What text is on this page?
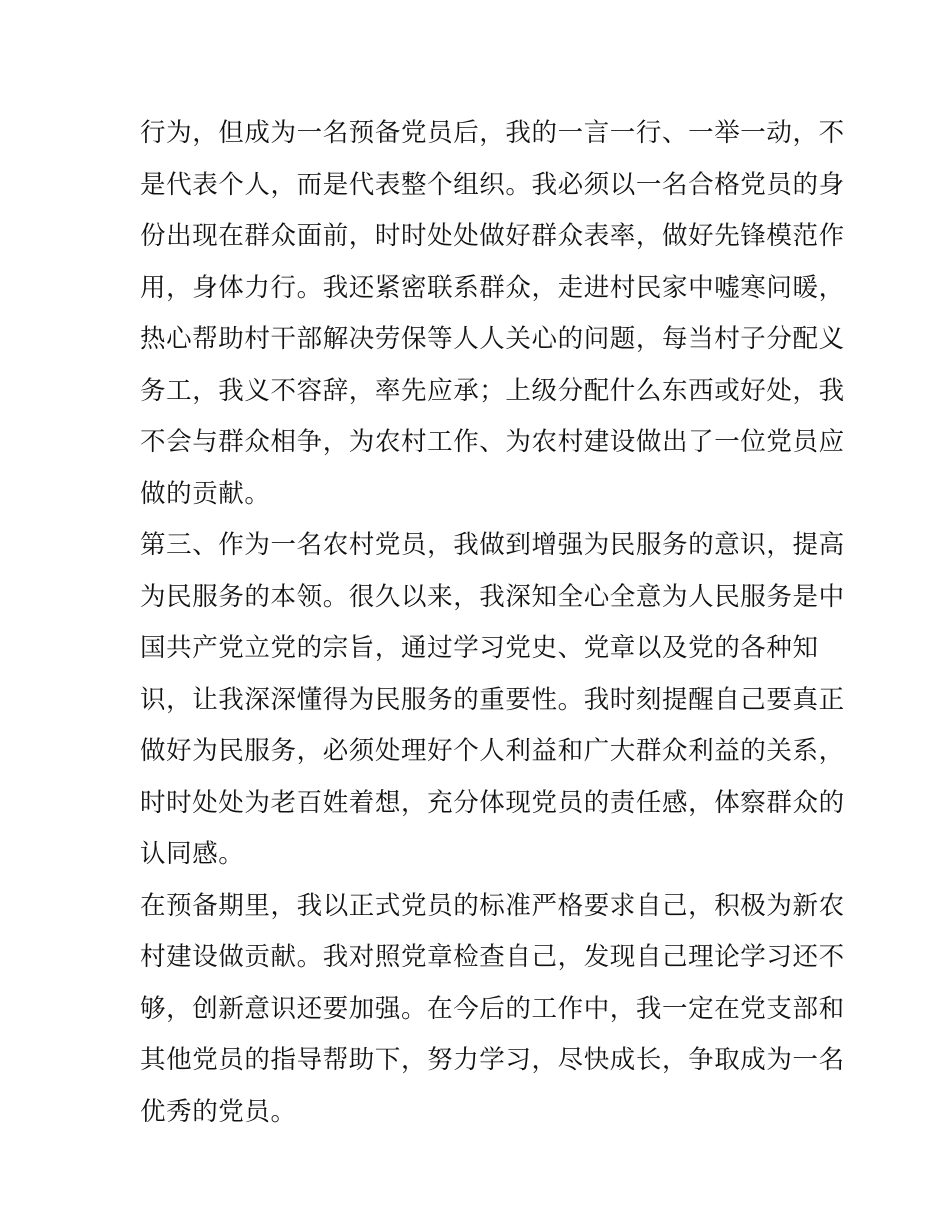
行为，但成为一名预备党员后，我的一言一行、一举一动，不
是代表个人，而是代表整个组织。我必须以一名合格党员的身
份出现在群众面前，时时处处做好群众表率，做好先锋模范作
用，身体力行。我还紧密联系群众，走进村民家中嘘寒问暖，
热心帮助村干部解决劳保等人人关心的问题，每当村子分配义
务工，我义不容辞，率先应承；上级分配什么东西或好处，我
不会与群众相争，为农村工作、为农村建设做出了一位党员应
做的贡献。
第三、作为一名农村党员，我做到增强为民服务的意识，提高
为民服务的本领。很久以来，我深知全心全意为人民服务是中
国共产党立党的宗旨，通过学习党史、党章以及党的各种知
识，让我深深懂得为民服务的重要性。我时刻提醒自己要真正
做好为民服务，必须处理好个人利益和广大群众利益的关系，
时时处处为老百姓着想，充分体现党员的责任感，体察群众的
认同感。
在预备期里，我以正式党员的标准严格要求自己，积极为新农
村建设做贡献。我对照党章检查自己，发现自己理论学习还不
够，创新意识还要加强。在今后的工作中，我一定在党支部和
其他党员的指导帮助下，努力学习，尽快成长，争取成为一名
优秀的党员。
